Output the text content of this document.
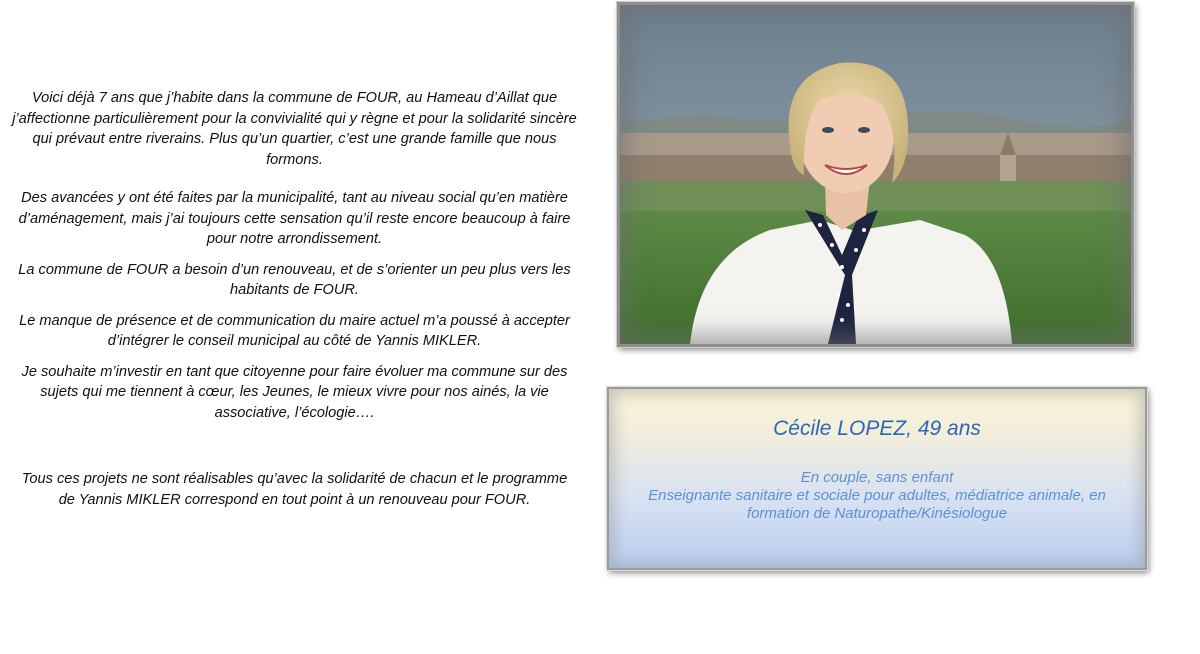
Voici déjà 7 ans que j’habite dans la commune de FOUR, au Hameau d’Aillat que j’affectionne particulièrement pour la convivialité qui y règne et pour la solidarité sincère qui prévaut entre riverains. Plus qu’un quartier, c’est une grande famille que nous formons.

Des avancées y ont été faites par la municipalité, tant au niveau social qu’en matière d’aménagement, mais j’ai toujours cette sensation qu’il reste encore beaucoup à faire pour notre arrondissement.

La commune de FOUR a besoin d’un renouveau, et de s’orienter un peu plus vers les habitants de FOUR.

Le manque de présence et de communication du maire actuel m’a poussé à accepter d’intégrer le conseil municipal au côté de Yannis MIKLER.

Je souhaite m’investir en tant que citoyenne pour faire évoluer ma commune sur des sujets qui me tiennent à cœur, les Jeunes, le mieux vivre pour nos ainés, la vie associative, l’écologie….

Tous ces projets ne sont réalisables qu’avec la solidarité de chacun et le programme de Yannis MIKLER correspond en tout point à un renouveau pour FOUR.

Cécile LOPEZ, 49 ans
En couple, sans enfant
Enseignante sanitaire et sociale pour adultes, médiatrice animale, en formation de Naturopathe/Kinésiologue
